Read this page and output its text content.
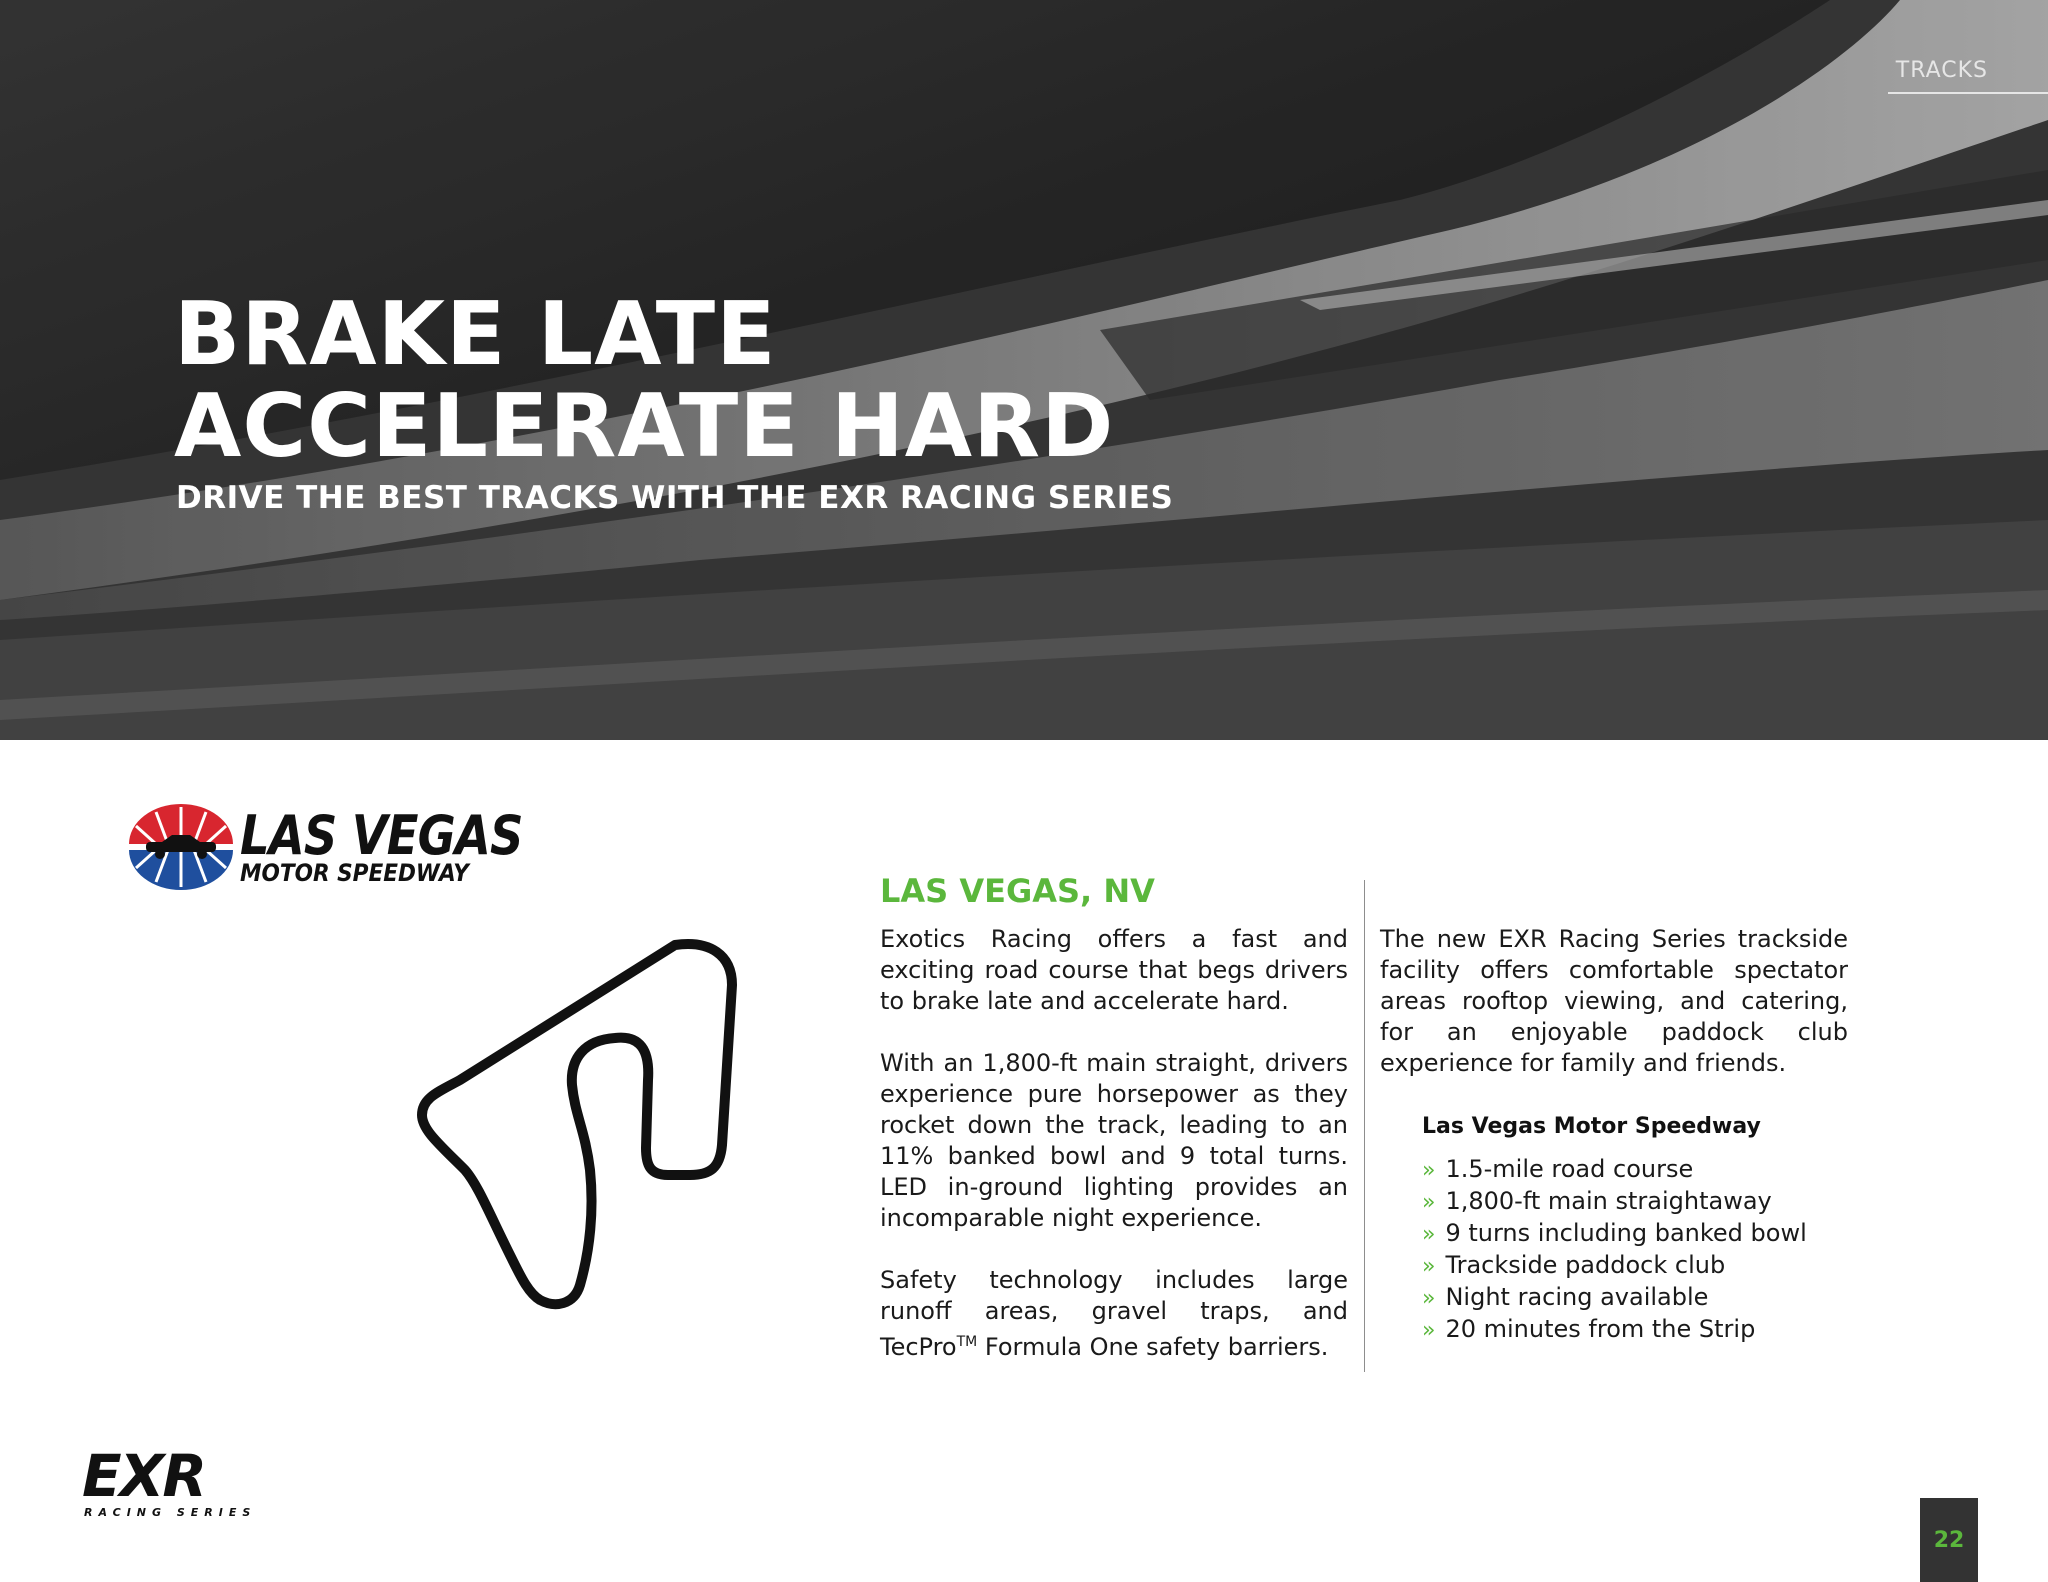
TRACKS
BRAKE LATE
ACCELERATE HARD
DRIVE THE BEST TRACKS WITH THE EXR RACING SERIES
LAS VEGAS
MOTOR SPEEDWAY	LAS VEGAS, NV

Exotics Racing offers a fast and exciting road course that begs drivers to brake late and accelerate hard.

With an 1,800-ft main straight, drivers experience pure horsepower as they rocket down the track, leading to an 11% banked bowl and 9 total turns. LED in-ground lighting provides an incomparable night experience.

Safety technology includes large runoff areas, gravel traps, and TecPro™ Formula One safety barriers.

The new EXR Racing Series trackside facility offers comfortable spectator areas rooftop viewing, and catering, for an enjoyable paddock club experience for family and friends.

Las Vegas Motor Speedway
» 1.5-mile road course
» 1,800-ft main straightaway
» 9 turns including banked bowl
» Trackside paddock club
» Night racing available
» 20 minutes from the Strip
EXR
RACING SERIES
22
